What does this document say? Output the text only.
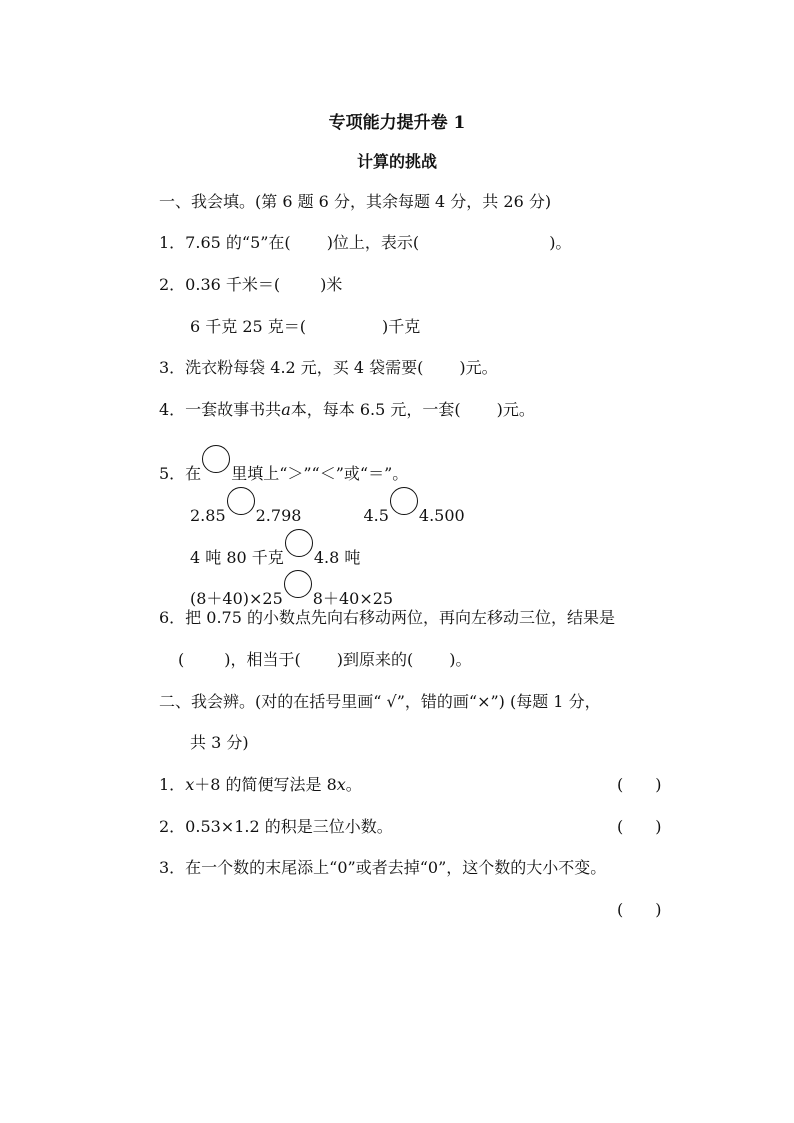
专项能力提升卷 1
计算的挑战
一、我会填。(第 6 题 6 分，其余每题 4 分，共 26 分)
1．7.65 的“5”在( )位上，表示(	)。
2．0.36 千米＝(	)米
6 千克 25 克＝(	)千克
3．洗衣粉每袋 4.2 元，买 4 袋需要( )元。
4．一套故事书共a本，每本 6.5 元，一套( )元。
5．在 里填上“＞”“＜”或“＝”。
2.85 2.798	4.5 4.500
4 吨 80 千克 4.8 吨
(8＋40)×25 8＋40×25
6．把 0.75 的小数点先向右移动两位，再向左移动三位，结果是
(	)，相当于( )到原来的( )。
二、我会辨。(对的在括号里画“ √”，错的画“×”) (每题 1 分，
共 3 分)
1．x＋8 的简便写法是 8x。	(　　)
2．0.53×1.2 的积是三位小数。	(　　)
3．在一个数的末尾添上“0”或者去掉“0”，这个数的大小不变。
(　　)
